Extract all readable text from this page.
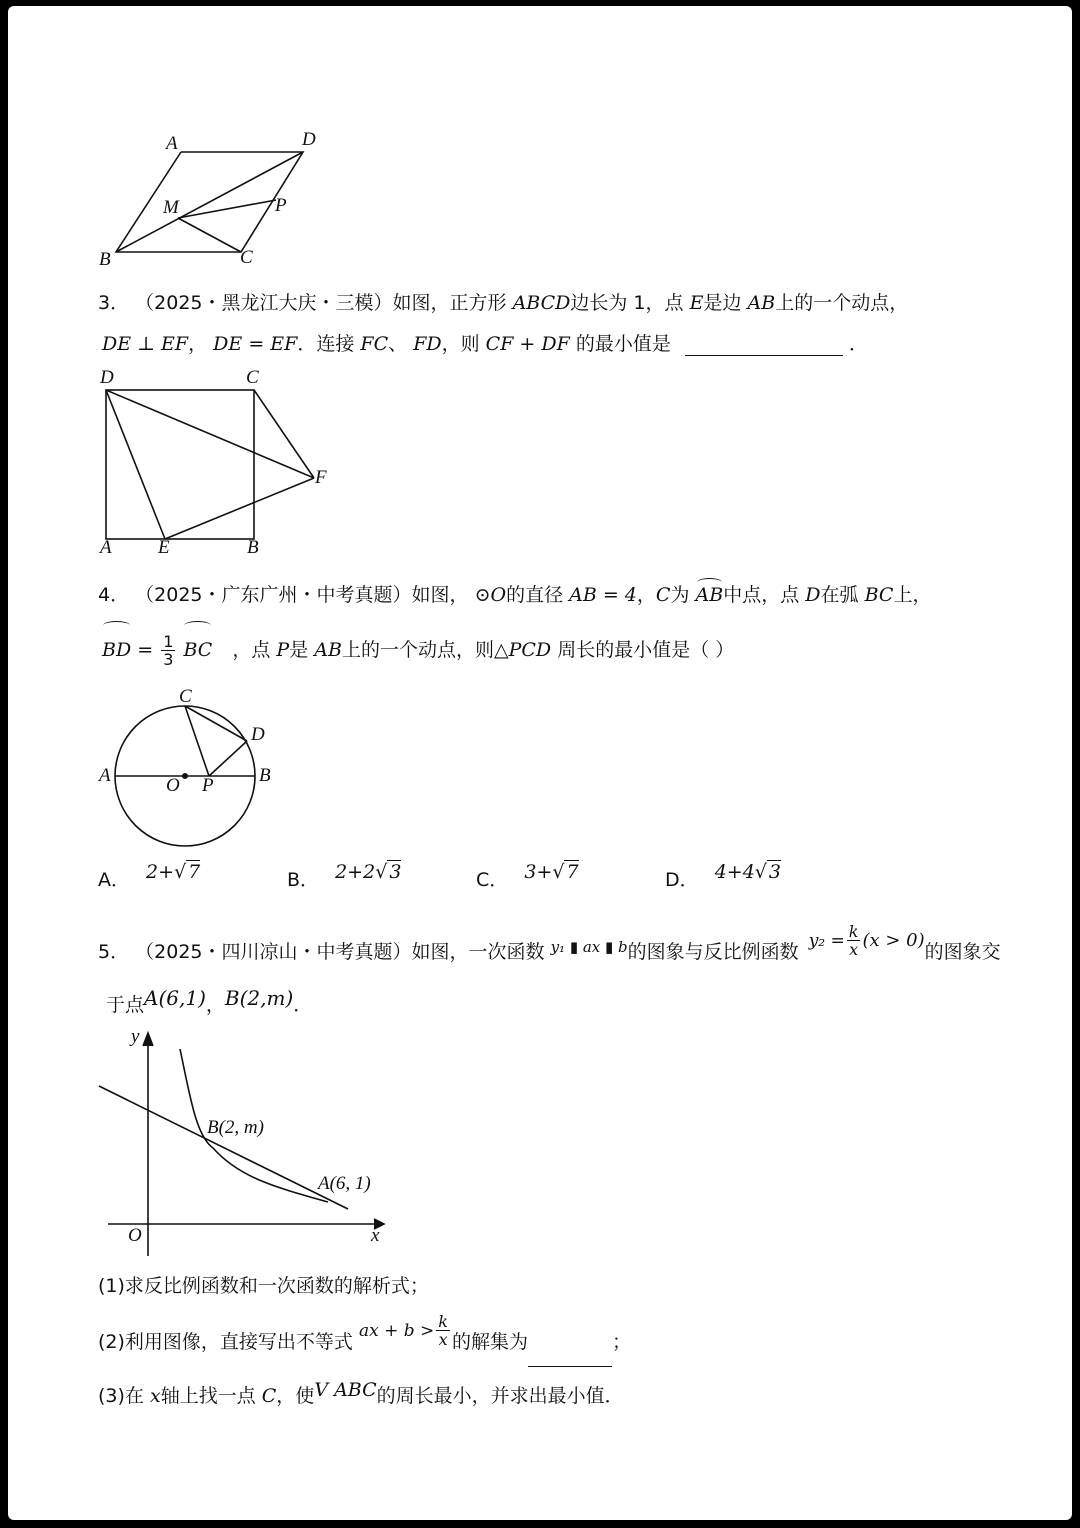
A	D
M	P
B	C
3． （2025・黑龙江大庆・三模）如图，正方形 ABCD边长为 1，点 E是边 AB上的一个动点，
DE ⊥ EF， DE = EF．连接 FC、 FD，则 CF + DF 的最小值是	．
D	C
F
A E	B
4． （2025・广东广州・中考真题）如图， ⊙O的直径 AB = 4，C为 AB中点，点 D在弧 BC上，
BD = $\frac{1}{3}$ BC ，点 P是 AB上的一个动点，则△PCD 周长的最小值是（ ）
C
D
A	O P B
A． 2+√ 7	B． 2+2√ 3	C． 3+√ 7	D． 4+4√ 3
5． （2025・四川凉山・中考真题）如图，一次函数 $^{y_1 ▮ ax ▮ b}$的图象与反比例函数 $y_2 = \frac{k}{x} (x > 0)$的图象交
于点A(6,1)，B(2,m)．
y
x
O
B(2, m)
A(6, 1)
(1)求反比例函数和一次函数的解析式；
(2)利用图像，直接写出不等式 ax + $b > \frac{k}{x}$ 的解集为	；
(3)在 x轴上找一点 C，使V ABC的周长最小，并求出最小值．
